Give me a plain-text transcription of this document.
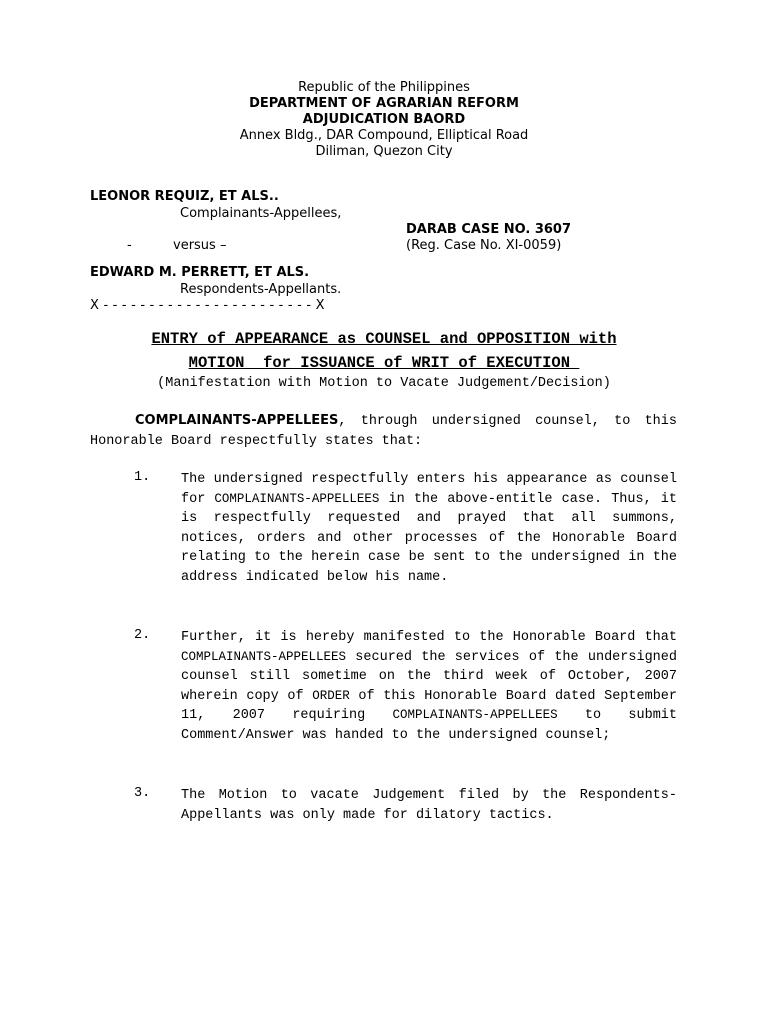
Republic of the Philippines
DEPARTMENT OF AGRARIAN REFORM
ADJUDICATION BAORD
Annex Bldg., DAR Compound, Elliptical Road
Diliman, Quezon City
LEONOR REQUIZ, ET ALS..
Complainants-Appellees,
DARAB CASE NO. 3607
-	versus –	(Reg. Case No. XI-0059)
EDWARD M. PERRETT, ET ALS.
Respondents-Appellants.
X - - - - - - - - - - - - - - - - - - - - - - - X
ENTRY of APPEARANCE as COUNSEL and OPPOSITION with
MOTION  for ISSUANCE of WRIT of EXECUTION
(Manifestation with Motion to Vacate Judgement/Decision)
COMPLAINANTS-APPELLEES, through undersigned counsel, to this Honorable Board respectfully states that:
1.	The undersigned respectfully enters his appearance as counsel for COMPLAINANTS-APPELLEES in the above-entitle case. Thus, it is respectfully requested and prayed that all summons, notices, orders and other processes of the Honorable Board relating to the herein case be sent to the undersigned in the address indicated below his name.
2.	Further, it is hereby manifested to the Honorable Board that COMPLAINANTS-APPELLEES secured the services of the undersigned counsel still sometime on the third week of October, 2007 wherein copy of ORDER of this Honorable Board dated September 11, 2007 requiring COMPLAINANTS-APPELLEES to submit Comment/Answer was handed to the undersigned counsel;
3.	The Motion to vacate Judgement filed by the Respondents-Appellants was only made for dilatory tactics.
